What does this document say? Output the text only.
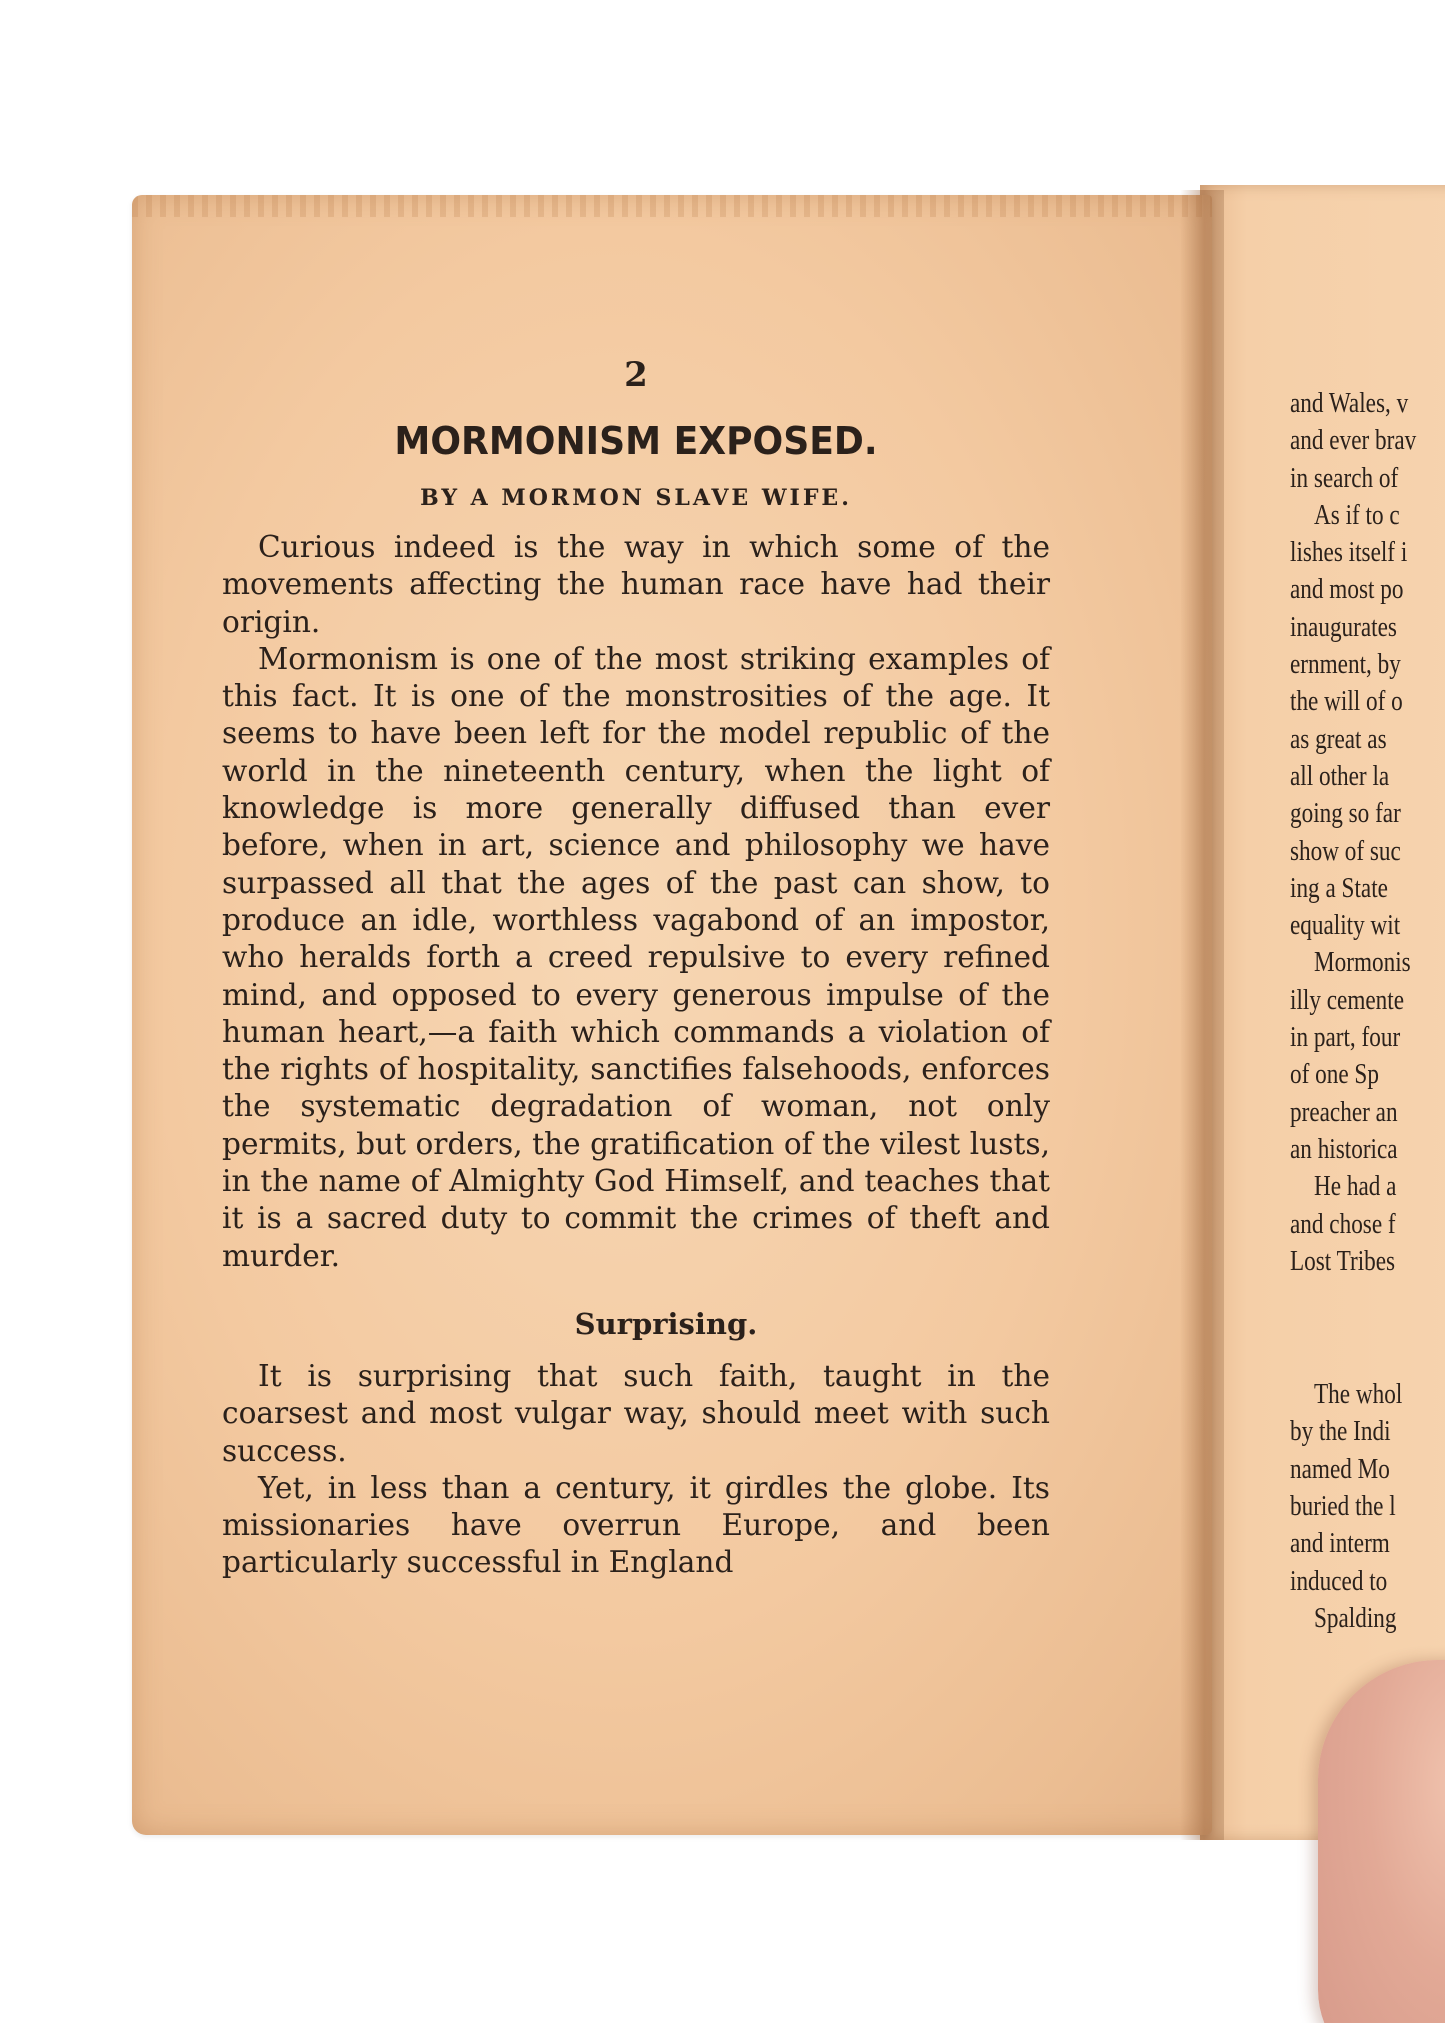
2
MORMONISM EXPOSED.
BY A MORMON SLAVE WIFE.

Curious indeed is the way in which some of the movements affecting the human race have had their origin.

Mormonism is one of the most striking examples of this fact. It is one of the monstrosities of the age. It seems to have been left for the model republic of the world in the nineteenth century, when the light of knowledge is more generally diffused than ever before, when in art, science and philosophy we have surpassed all that the ages of the past can show, to produce an idle, worthless vagabond of an impostor, who heralds forth a creed repulsive to every refined mind, and opposed to every generous impulse of the human heart,—a faith which commands a violation of the rights of hospitality, sanctifies falsehoods, enforces the systematic degradation of woman, not only permits, but orders, the gratification of the vilest lusts, in the name of Almighty God Himself, and teaches that it is a sacred duty to commit the crimes of theft and murder.

Surprising.

It is surprising that such faith, taught in the coarsest and most vulgar way, should meet with such success.

Yet, in less than a century, it girdles the globe. Its missionaries have overrun Europe, and been particularly successful in England

and Wales, v

and ever brav

in search of

As if to c

lishes itself i

and most po

inaugurates

ernment, by

the will of o

as great as

all other la

going so far

show of suc

ing a State

equality wit

Mormonis

illy cemente

in part, four

of one Sp

preacher an

an historica

He had a

and chose f

Lost Tribes

The whol

by the Indi

named Mo

buried the l

and interm

induced to

Spalding
